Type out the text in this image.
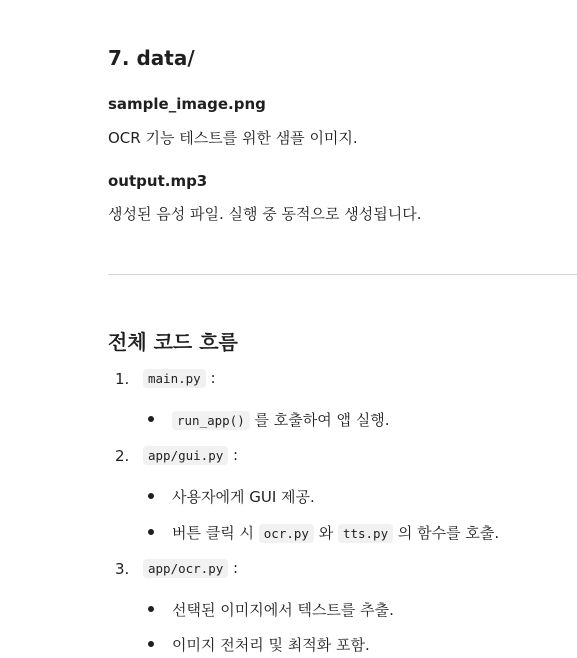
7. data/
sample_image.png

OCR 기능 테스트를 위한 샘플 이미지.

output.mp3

생성된 음성 파일. 실행 중 동적으로 생성됩니다.

전체 코드 흐름
1.	main.py :
run_app() 를 호출하여 앱 실행.
2.	app/gui.py :
사용자에게 GUI 제공.
버튼 클릭 시 ocr.py 와 tts.py 의 함수를 호출.
3.	app/ocr.py :
선택된 이미지에서 텍스트를 추출.
이미지 전처리 및 최적화 포함.
